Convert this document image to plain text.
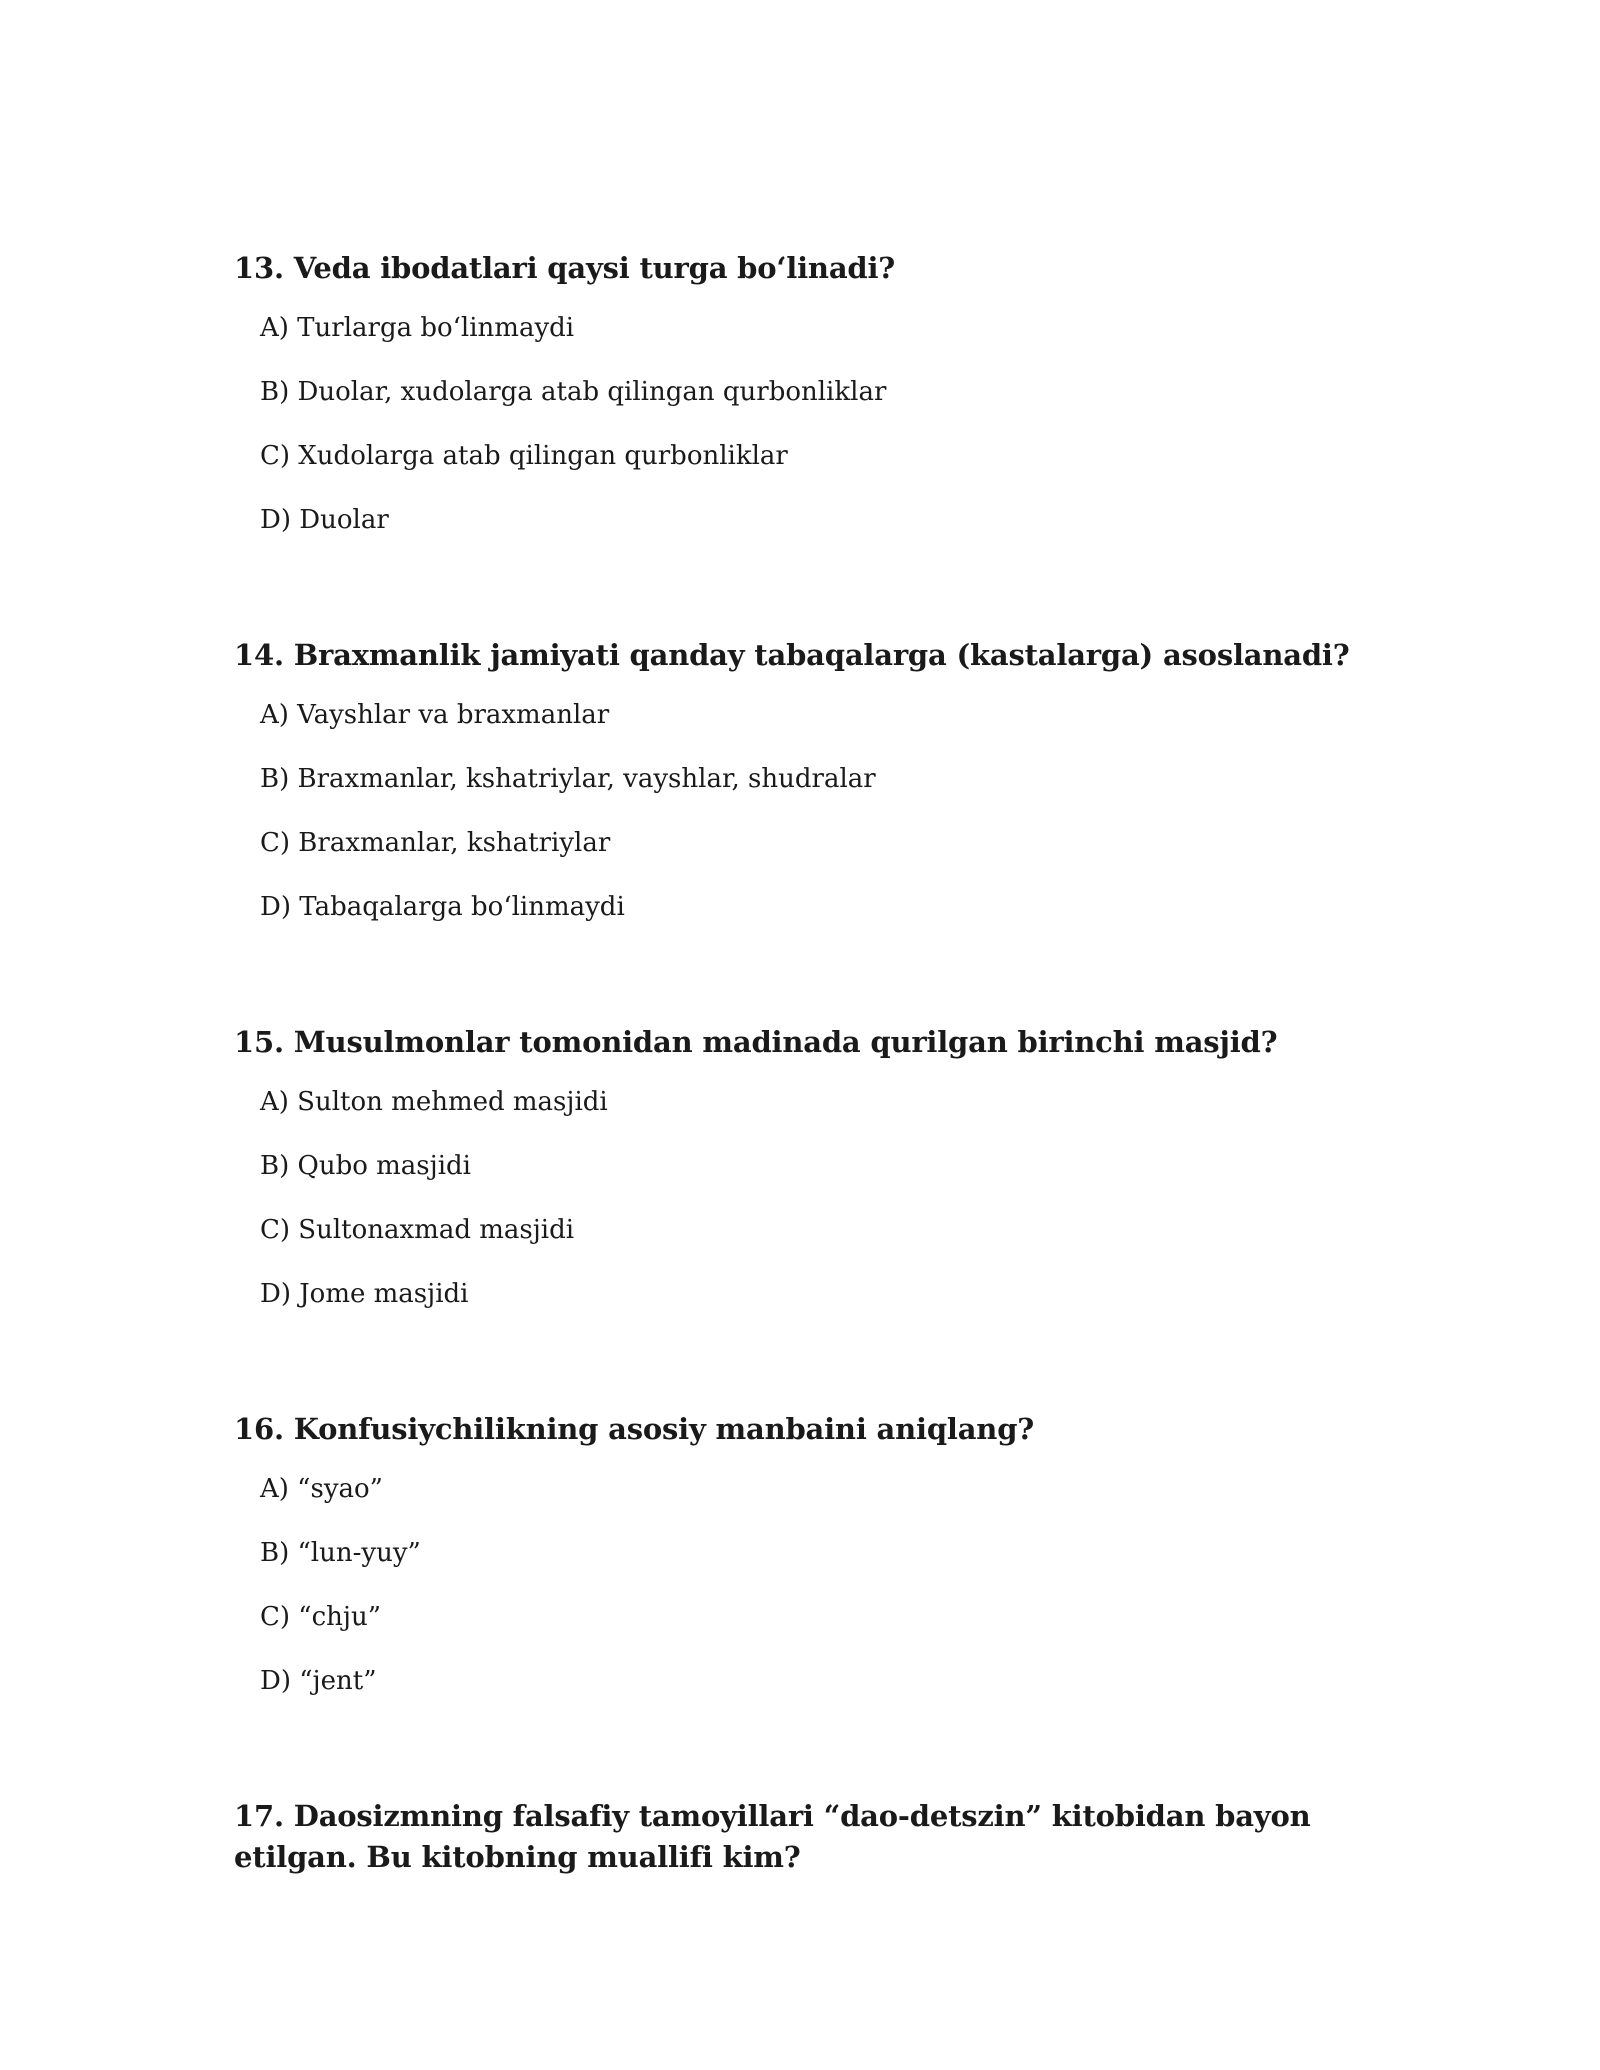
13. Veda ibodatlari qaysi turga bo‘linadi?
A) Turlarga bo‘linmaydi
B) Duolar, xudolarga atab qilingan qurbonliklar
C) Xudolarga atab qilingan qurbonliklar
D) Duolar
14. Braxmanlik jamiyati qanday tabaqalarga (kastalarga) asoslanadi?
A) Vayshlar va braxmanlar
B) Braxmanlar, kshatriylar, vayshlar, shudralar
C) Braxmanlar, kshatriylar
D) Tabaqalarga bo‘linmaydi
15. Musulmonlar tomonidan madinada qurilgan birinchi masjid?
A) Sulton mehmed masjidi
B) Qubo masjidi
C) Sultonaxmad masjidi
D) Jome masjidi
16. Konfusiychilikning asosiy manbaini aniqlang?
A) “syao”
B) “lun-yuy”
C) “chju”
D) “jent”
17. Daosizmning falsafiy tamoyillari “dao-detszin” kitobidan bayon etilgan. Bu kitobning muallifi kim?
